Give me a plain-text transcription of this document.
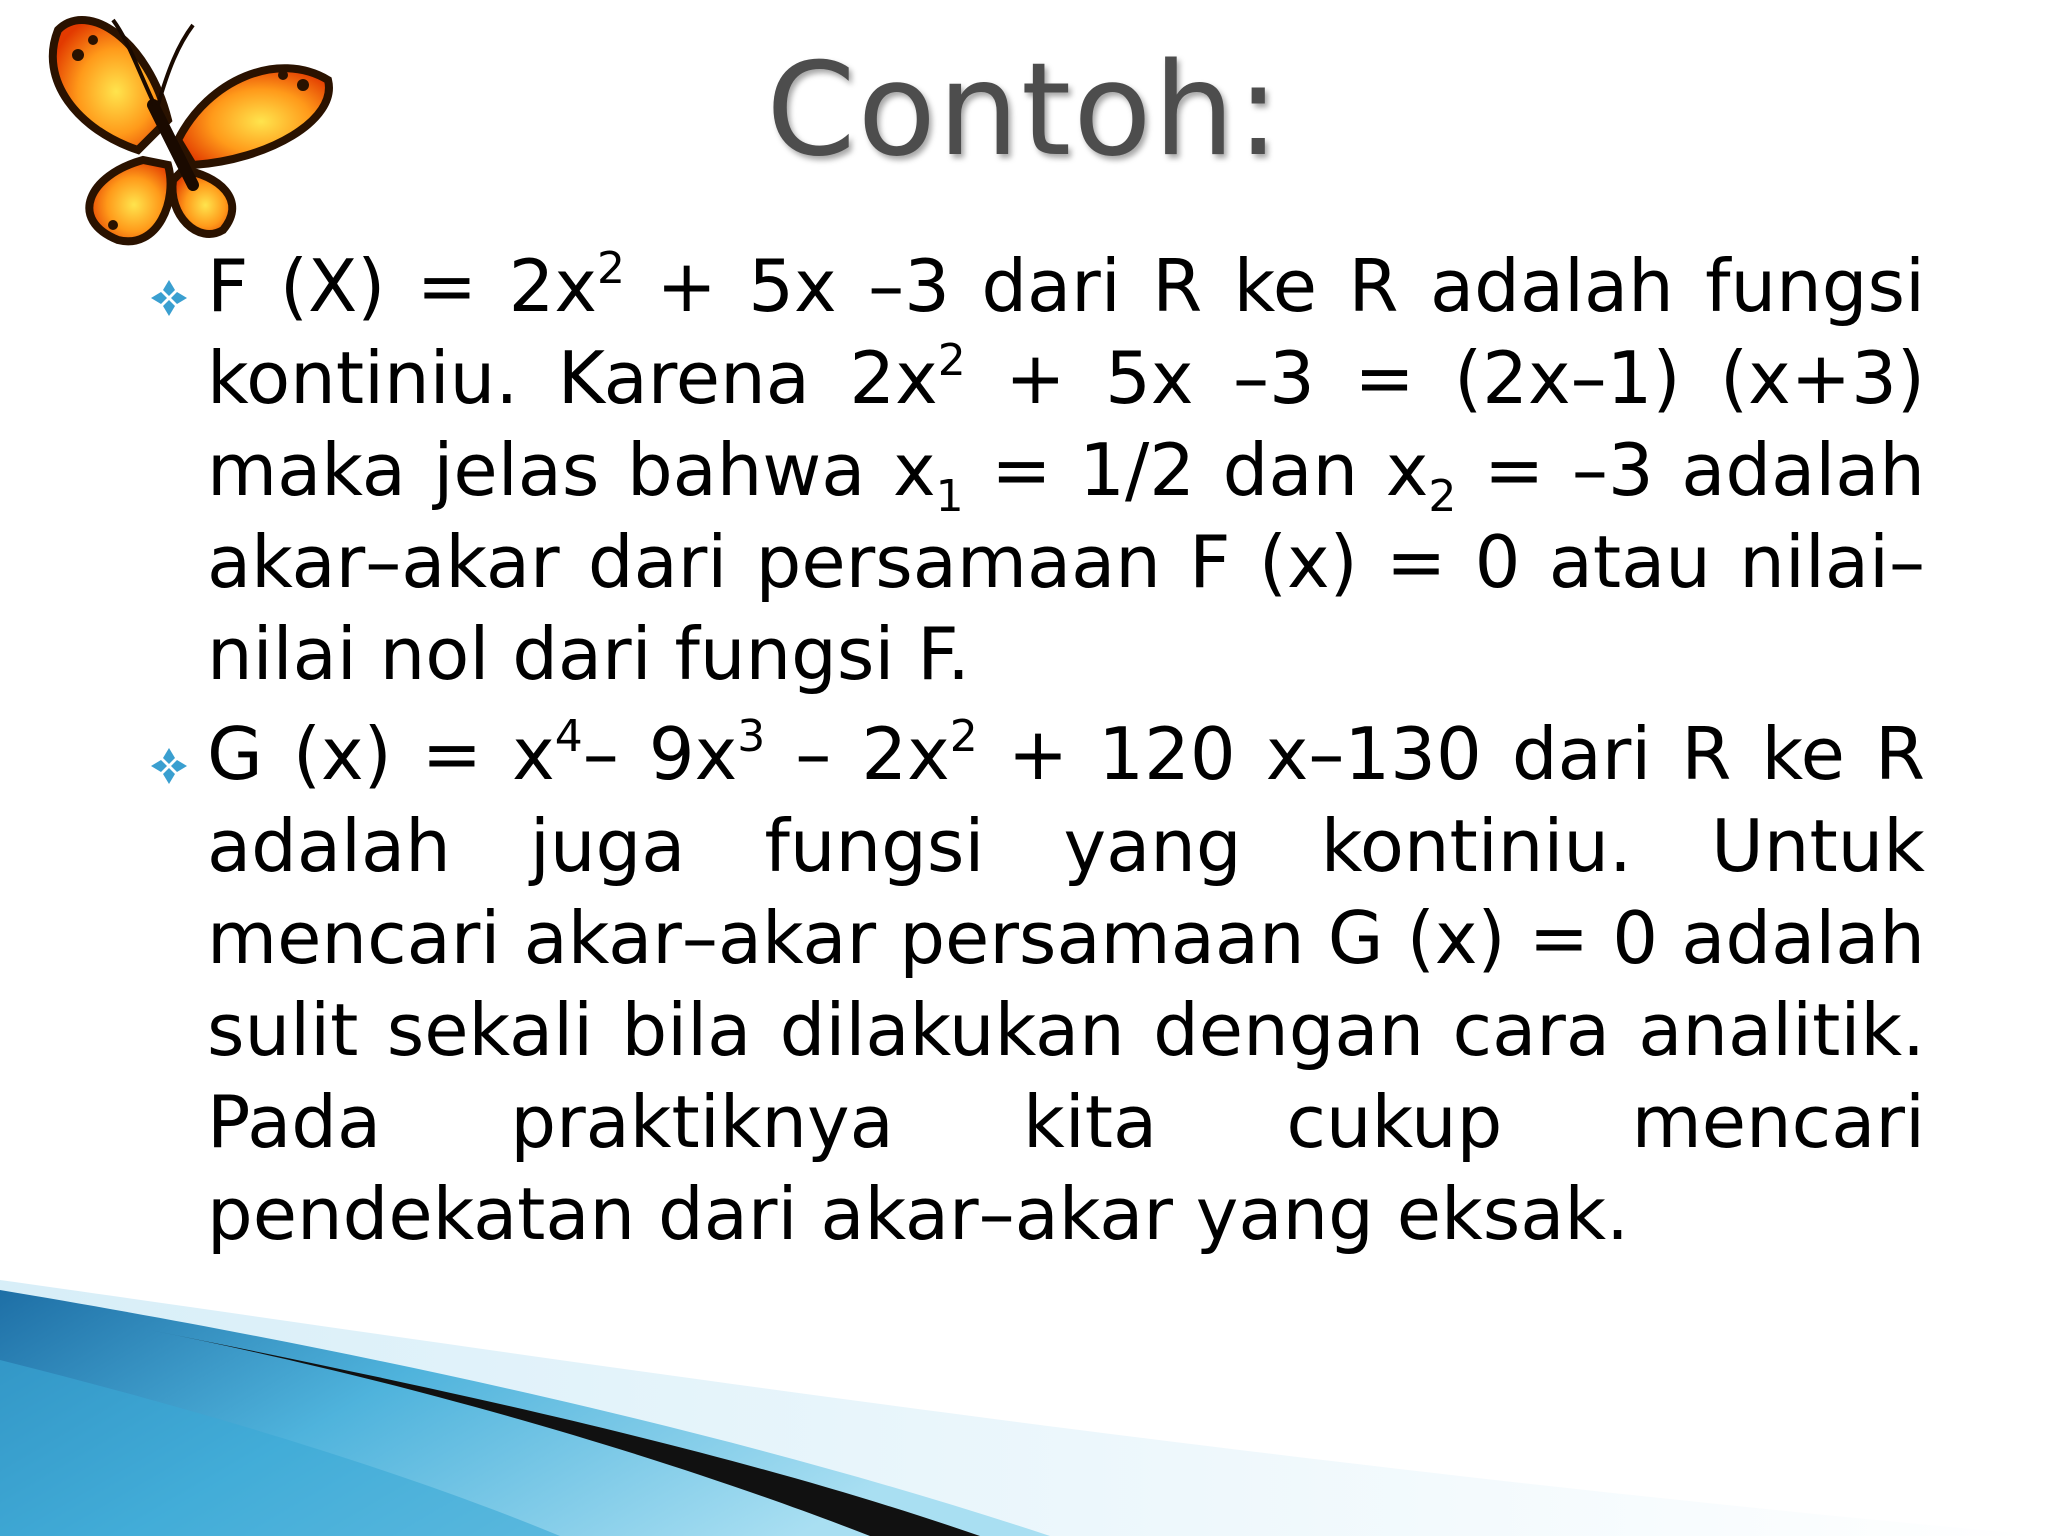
Contoh:
F $(X) = 2x^2 + 5x$ –3 dari R ke R adalah fungsi kontiniu. Karena $2x^2 + 5x$ –3 = (2x–1) (x+3) maka jelas bahwa $x_1 = 1/2$ dan $x_2 = -3$ adalah akar–akar dari persamaan F (x) = 0 atau nilai–nilai nol dari fungsi F.
G $(x) = x^4-$ $9x^3 - 2x^2 + 120$ x–130 dari R ke R adalah juga fungsi yang kontiniu. Untuk mencari akar–akar persamaan G (x) = 0 adalah sulit sekali bila dilakukan dengan cara analitik. Pada praktiknya kita cukup mencari pendekatan dari akar–akar yang eksak.
